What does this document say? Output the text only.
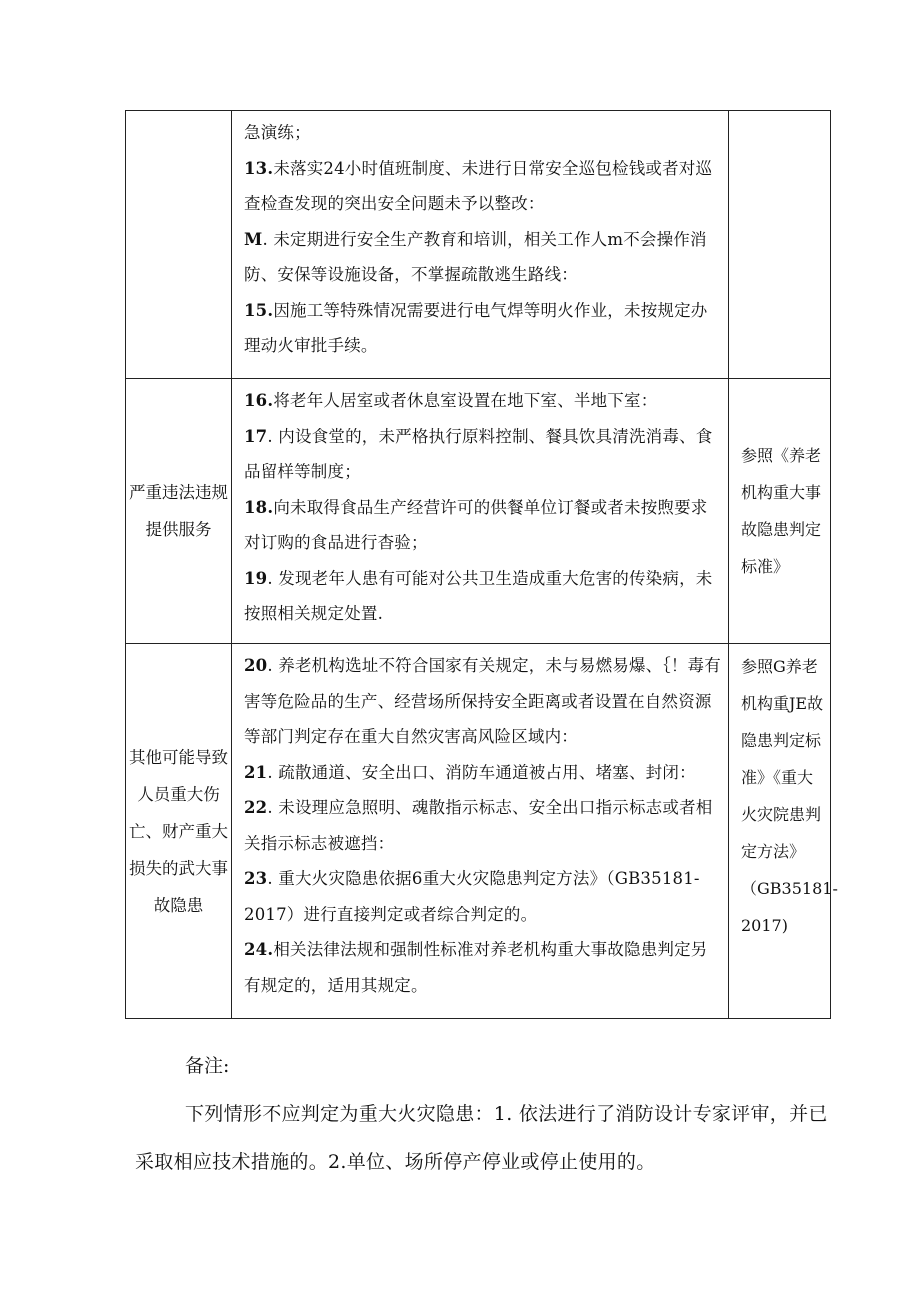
	急演练；
13.未落实24小时值班制度、未进行日常安全巡包检钱或者对巡查检查发现的突出安全问题未予以整改：
M. 未定期进行安全生产教育和培训，相关工作人m不会操作消防、安保等设施设备，不掌握疏散逃生路线：
15.因施工等特殊情况需要进行电气焊等明火作业，未按规定办理动火审批手续。	

严重违法违规提供服务	16.将老年人居室或者休息室设置在地下室、半地下室：
17. 内设食堂的，未严格执行原料控制、餐具饮具清洗消毒、食品留样等制度；
18.向未取得食品生产经营许可的供餐单位订餐或者未按煦要求对订购的食品进行杳验；
19. 发现老年人患有可能对公共卫生造成重大危害的传染病，未按照相关规定处置.	参照《养老机构重大事故隐患判定标准》
其他可能导致人员重大伤亡、财产重大损失的武大事故隐患	20. 养老机构选址不符合国家有关规定，未与易燃易爆、｛！毒有害等危险品的生产、经营场所保持安全距离或者设置在自然资源等部门判定存在重大自然灾害高风险区域内：
21. 疏散通道、安全出口、消防车通道被占用、堵塞、封闭：
22. 未设理应急照明、魂散指示标志、安全出口指示标志或者相关指示标志被遮挡：
23. 重大火灾隐患依据6重大火灾隐患判定方法》（GB35181-2017）进行直接判定或者综合判定的。
24.相关法律法规和强制性标准对养老机构重大事故隐患判定另有规定的，适用其规定。	参照G养老机构重JE故隐患判定标准》《重大火灾院患判定方法》（GB35181-2017)
备注:
下列情形不应判定为重大火灾隐患：1. 依法进行了消防设计专家评审，并已采取相应技术措施的。2.单位、场所停产停业或停止使用的。
